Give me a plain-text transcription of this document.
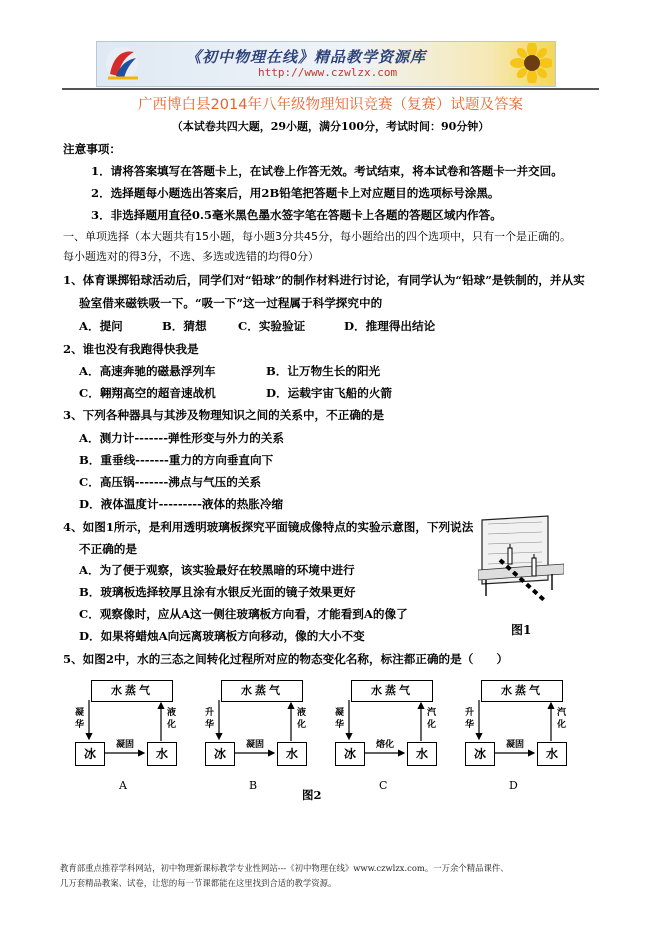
《初中物理在线》精品教学资源库
http://www.czwlzx.com
广西博白县2014年八年级物理知识竞赛（复赛）试题及答案
（本试卷共四大题，29小题，满分100分，考试时间：90分钟）
注意事项：
1．请将答案填写在答题卡上，在试卷上作答无效。考试结束，将本试卷和答题卡一并交回。
2．选择题每小题选出答案后，用2B铅笔把答题卡上对应题目的选项标号涂黑。
3．非选择题用直径0.5毫米黑色墨水签字笔在答题卡上各题的答题区域内作答。
一、单项选择（本大题共有15小题，每小题3分共45分，每小题给出的四个选项中，只有一个是正确的。
每小题选对的得3分，不选、多选或选错的均得0分）
1、体育课掷铅球活动后，同学们对“铅球”的制作材料进行讨论，有同学认为“铅球”是铁制的，并从实
验室借来磁铁吸一下。“吸一下”这一过程属于科学探究中的
A．提问	B．猜想	C．实验验证	D．推理得出结论
2、谁也没有我跑得快我是
A．高速奔驰的磁悬浮列车	B．让万物生长的阳光
C．翱翔高空的超音速战机	D．运载宇宙飞船的火箭
3、下列各种器具与其涉及物理知识之间的关系中，不正确的是
A．测力计-------弹性形变与外力的关系
B．重垂线-------重力的方向垂直向下
C．高压锅-------沸点与气压的关系
D．液体温度计---------液体的热胀冷缩
4、如图1所示，是利用透明玻璃板探究平面镜成像特点的实验示意图，下列说法
不正确的是
A．为了便于观察，该实验最好在较黑暗的环境中进行
B．玻璃板选择较厚且涂有水银反光面的镜子效果更好
C．观察像时，应从A这一侧往玻璃板方向看，才能看到A的像了
D．如果将蜡烛A向远离玻璃板方向移动，像的大小不变	图1
5、如图2中，水的三态之间转化过程所对应的物态变化名称，标注都正确的是（　　）
水蒸气
冰	水
凝华
液化
凝固
A
水蒸气
冰	水
升华
液化
凝固
B
水蒸气
冰	水
凝华
汽化
熔化
C
水蒸气
冰	水
升华
汽化
凝固
D
图2
教育部重点推荐学科网站，初中物理新课标教学专业性网站---《初中物理在线》www.czwlzx.com。一万余个精品课件、
几万套精品教案、试卷，让您的每一节课都能在这里找到合适的教学资源。
